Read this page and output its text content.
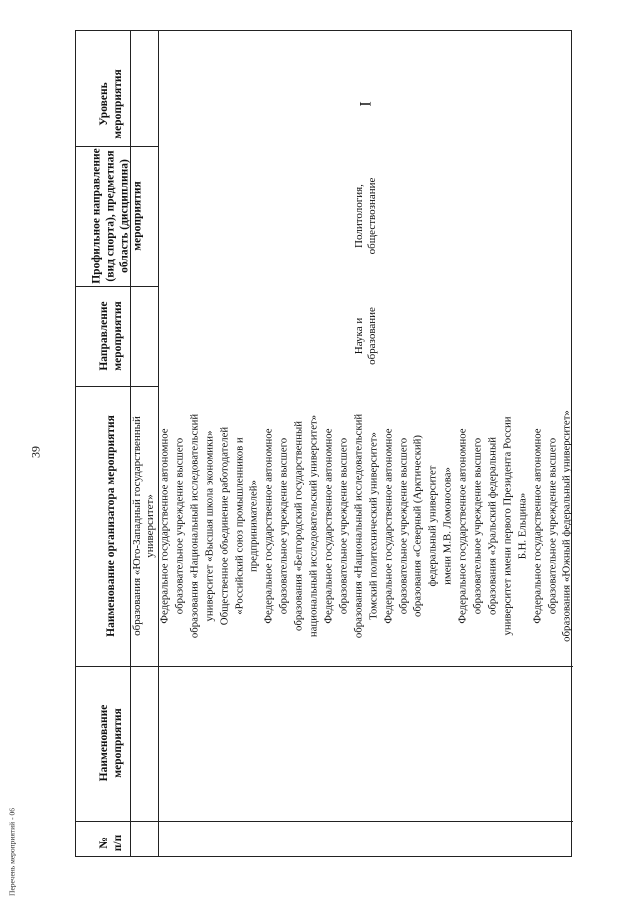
39
Перечень мероприятий - 06
Уровень мероприятия
Профильное направление (вид спорта), предметная область (дисциплина) мероприятия
Направление мероприятия
Наименование организатора мероприятия
Наименование мероприятия
№ п/п
образования «Юго-Западный государственный университет»
I
Политология, обществознание
Наука и образование
Федеральное государственное автономное образовательное учреждение высшего образования «Национальный исследовательский университет «Высшая школа экономики» Общественное объединение работодателей «Российский союз промышленников и предпринимателей» Федеральное государственное автономное образовательное учреждение высшего образования «Белгородский государственный национальный исследовательский университет» Федеральное государственное автономное образовательное учреждение высшего образования «Национальный исследовательский Томский политехнический университет» Федеральное государственное автономное образовательное учреждение высшего образования «Северный (Арктический) федеральный университет имени М.В. Ломоносова» Федеральное государственное автономное образовательное учреждение высшего образования «Уральский федеральный университет имени первого Президента России Б.Н. Ельцина» Федеральное государственное автономное образовательное учреждение высшего образования «Южный федеральный университет»
